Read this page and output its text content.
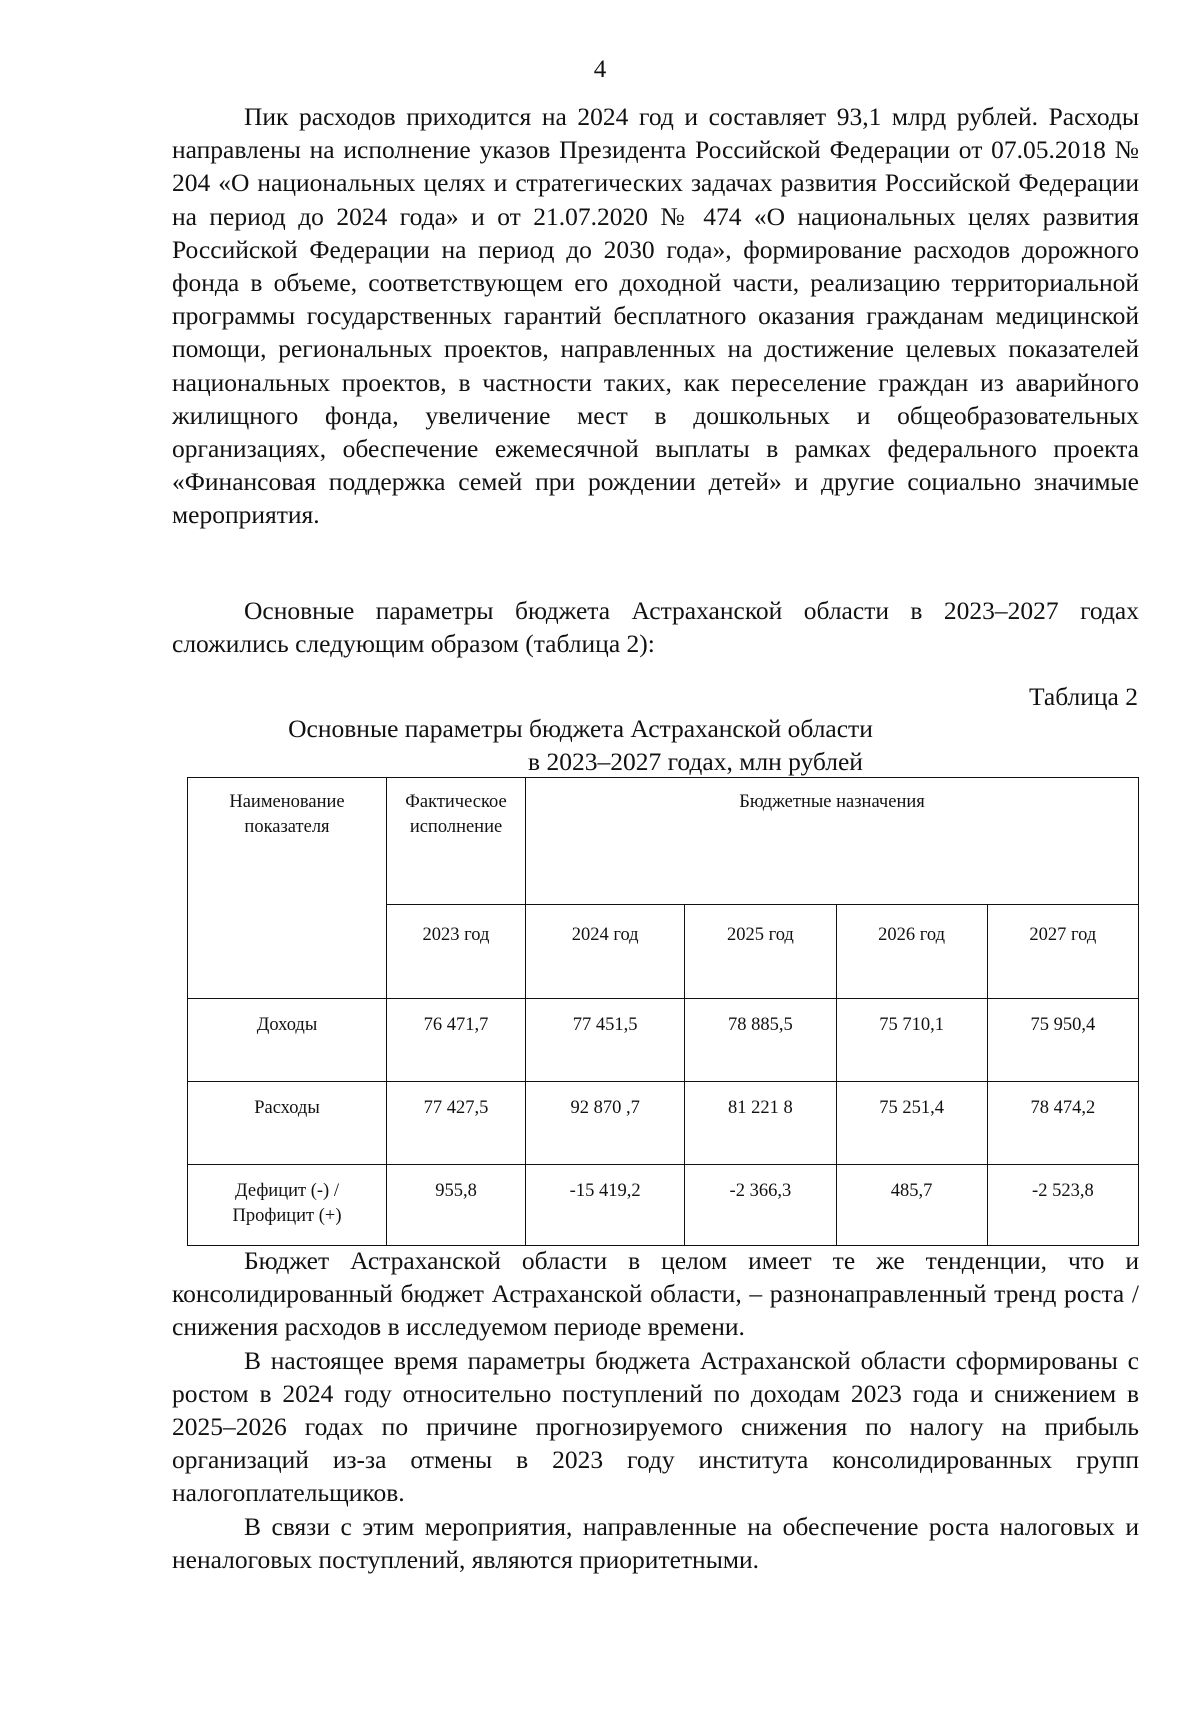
4

Пик расходов приходится на 2024 год и составляет 93,1 млрд рублей. Расходы направлены на исполнение указов Президента Российской Федерации от 07.05.2018 № 204 «О национальных целях и стратегических задачах развития Российской Федерации на период до 2024 года» и от 21.07.2020 № 474 «О национальных целях развития Российской Федерации на период до 2030 года», формирование расходов дорожного фонда в объеме, соответствующем его доходной части, реализацию территориальной программы государственных гарантий бесплатного оказания гражданам медицинской помощи, региональных проектов, направленных на достижение целевых показателей национальных проектов, в частности таких, как переселение граждан из аварийного жилищного фонда, увеличение мест в дошкольных и общеобразовательных организациях, обеспечение ежемесячной выплаты в рамках федерального проекта «Финансовая поддержка семей при рождении детей» и другие социально значимые мероприятия.

Основные параметры бюджета Астраханской области в 2023–2027 годах сложились следующим образом (таблица 2):

Таблица 2
Основные параметры бюджета Астраханской области
в 2023–2027 годах, млн рублей
Наименование показателя	Фактическое исполнение	Бюджетные назначения			
	2023 год	2024 год	2025 год	2026 год	2027 год
Доходы	76 471,7	77 451,5	78 885,5	75 710,1	75 950,4
Расходы	77 427,5	92 870 ,7	81 221 8	75 251,4	78 474,2
Дефицит (-) / Профицит (+)	955,8	-15 419,2	-2 366,3	485,7	-2 523,8

Бюджет Астраханской области в целом имеет те же тенденции, что и консолидированный бюджет Астраханской области, – разнонаправленный тренд роста / снижения расходов в исследуемом периоде времени.

В настоящее время параметры бюджета Астраханской области сформированы с ростом в 2024 году относительно поступлений по доходам 2023 года и снижением в 2025–2026 годах по причине прогнозируемого снижения по налогу на прибыль организаций из-за отмены в 2023 году института консолидированных групп налогоплательщиков.

В связи с этим мероприятия, направленные на обеспечение роста налоговых и неналоговых поступлений, являются приоритетными.
